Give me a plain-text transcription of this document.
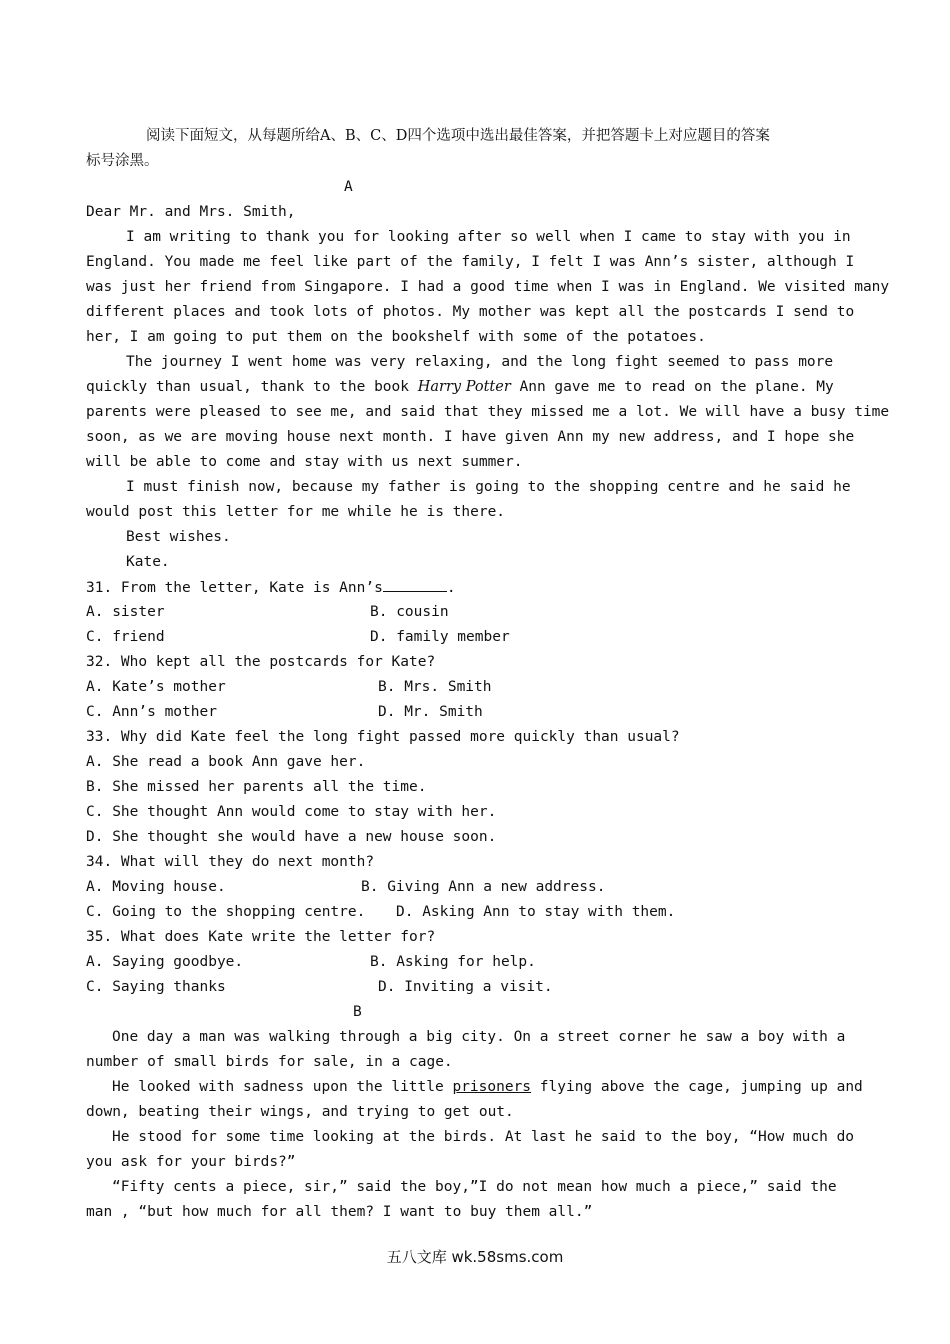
阅读下面短文，从每题所给A、B、C、D四个选项中选出最佳答案，并把答题卡上对应题目的答案
标号涂黑。
A
Dear Mr. and Mrs. Smith,
I am writing to thank you for looking after so well when I came to stay with you in
England. You made me feel like part of the family, I felt I was Ann’s sister, although I
was just her friend from Singapore. I had a good time when I was in England. We visited many
different places and took lots of photos. My mother was kept all the postcards I send to
her, I am going to put them on the bookshelf with some of the potatoes.
The journey I went home was very relaxing, and the long fight seemed to pass more
quickly than usual, thank to the book Harry Potter Ann gave me to read on the plane. My
parents were pleased to see me, and said that they missed me a lot. We will have a busy time
soon, as we are moving house next month. I have given Ann my new address, and I hope she
will be able to come and stay with us next summer.
I must finish now, because my father is going to the shopping centre and he said he
would post this letter for me while he is there.
Best wishes.
Kate.
31. From the letter, Kate is Ann’s	.
A. sister	B. cousin
C. friend	D. family member
32. Who kept all the postcards for Kate?
A. Kate’s mother	B. Mrs. Smith
C. Ann’s mother	D. Mr. Smith
33. Why did Kate feel the long fight passed more quickly than usual?
A. She read a book Ann gave her.
B. She missed her parents all the time.
C. She thought Ann would come to stay with her.
D. She thought she would have a new house soon.
34. What will they do next month?
A. Moving house.	B. Giving Ann a new address.
C. Going to the shopping centre. D. Asking Ann to stay with them.
35. What does Kate write the letter for?
A. Saying goodbye.	B. Asking for help.
C. Saying thanks	D. Inviting a visit.
B
One day a man was walking through a big city. On a street corner he saw a boy with a
number of small birds for sale, in a cage.
He looked with sadness upon the little prisoners flying above the cage, jumping up and
down, beating their wings, and trying to get out.
He stood for some time looking at the birds. At last he said to the boy, “How much do
you ask for your birds?”
“Fifty cents a piece, sir,” said the boy,”I do not mean how much a piece,” said the
man , “but how much for all them? I want to buy them all.”
五八文库 wk.58sms.com
